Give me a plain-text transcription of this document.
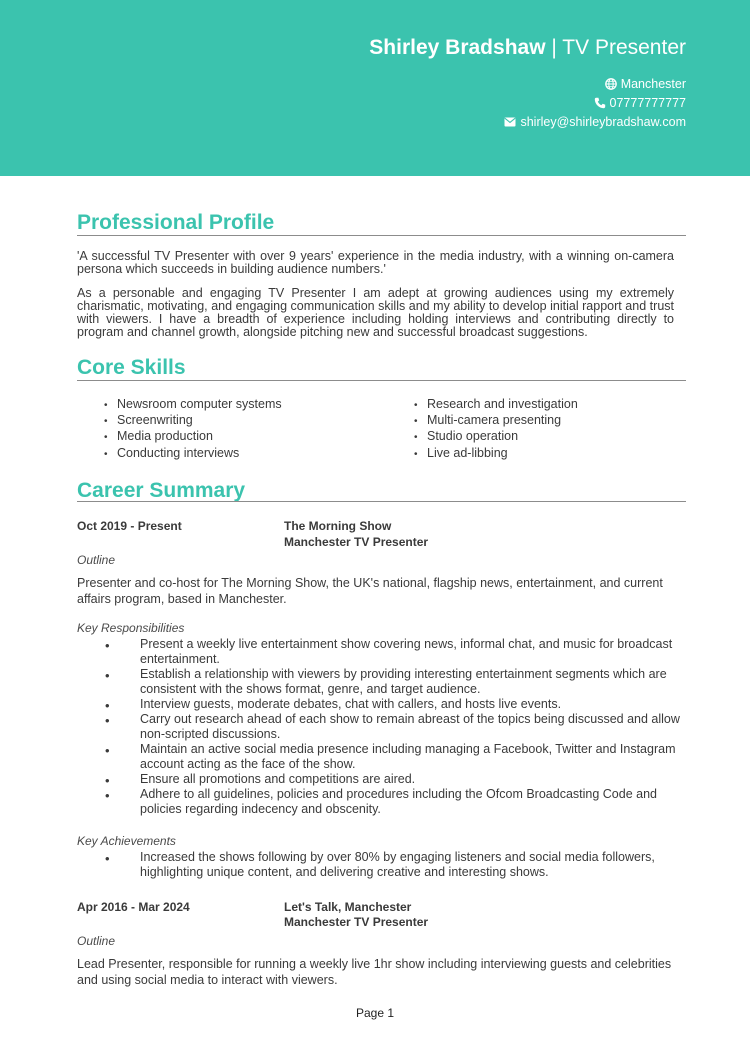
Shirley Bradshaw | TV Presenter
Manchester
07777777777
shirley@shirleybradshaw.com
Professional Profile
'A successful TV Presenter with over 9 years' experience in the media industry, with a winning on-camera persona which succeeds in building audience numbers.'
As a personable and engaging TV Presenter I am adept at growing audiences using my extremely charismatic, motivating, and engaging communication skills and my ability to develop initial rapport and trust with viewers. I have a breadth of experience including holding interviews and contributing directly to program and channel growth, alongside pitching new and successful broadcast suggestions.
Core Skills
• Newsroom computer systems
• Screenwriting
• Media production
• Conducting interviews
• Research and investigation
• Multi-camera presenting
• Studio operation
• Live ad-libbing
Career Summary
Oct 2019 - Present	The Morning Show
Manchester TV Presenter
Outline
Presenter and co-host for The Morning Show, the UK's national, flagship news, entertainment, and current affairs program, based in Manchester.
Key Responsibilities
• Present a weekly live entertainment show covering news, informal chat, and music for broadcast entertainment.
• Establish a relationship with viewers by providing interesting entertainment segments which are consistent with the shows format, genre, and target audience.
• Interview guests, moderate debates, chat with callers, and hosts live events.
• Carry out research ahead of each show to remain abreast of the topics being discussed and allow non-scripted discussions.
• Maintain an active social media presence including managing a Facebook, Twitter and Instagram account acting as the face of the show.
• Ensure all promotions and competitions are aired.
• Adhere to all guidelines, policies and procedures including the Ofcom Broadcasting Code and policies regarding indecency and obscenity.
Key Achievements
• Increased the shows following by over 80% by engaging listeners and social media followers, highlighting unique content, and delivering creative and interesting shows.
Apr 2016 - Mar 2024	Let's Talk, Manchester
Manchester TV Presenter
Outline
Lead Presenter, responsible for running a weekly live 1hr show including interviewing guests and celebrities and using social media to interact with viewers.
Page 1
